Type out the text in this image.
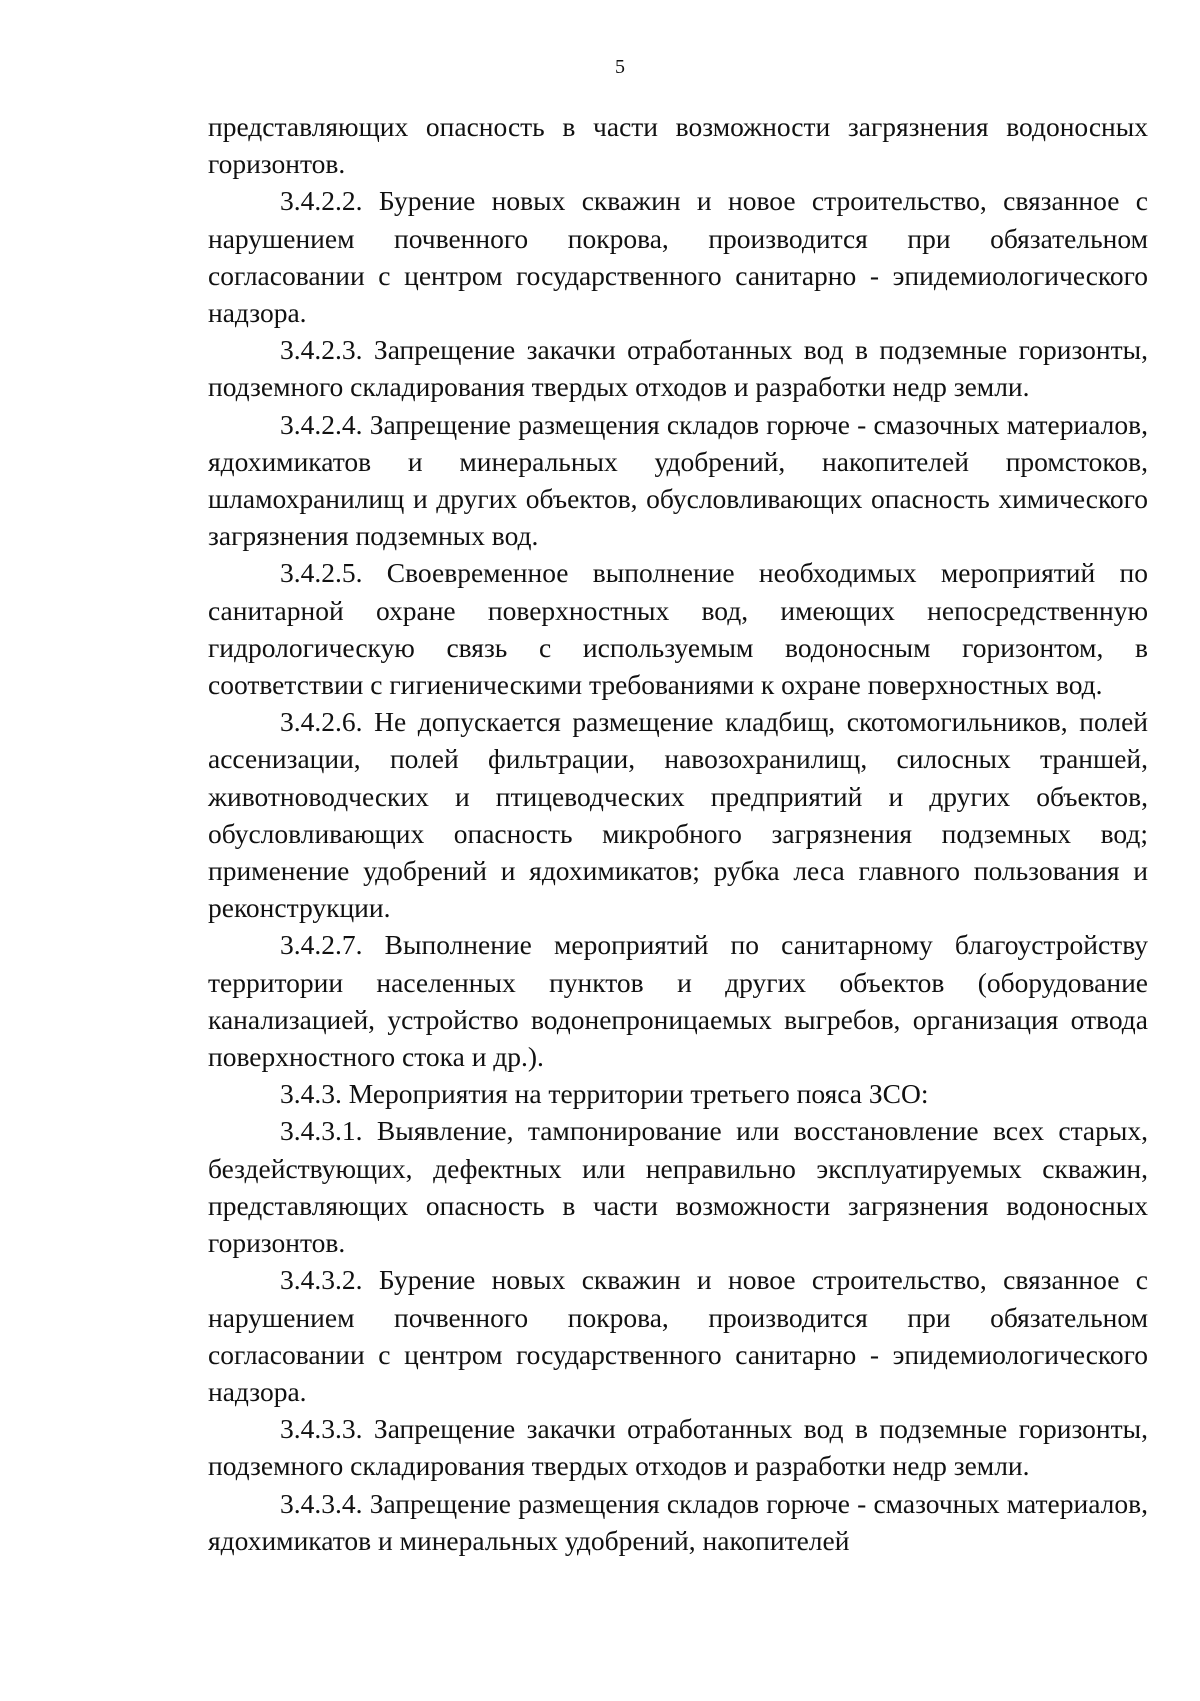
5

представляющих опасность в части возможности загрязнения водоносных горизонтов.

3.4.2.2. Бурение новых скважин и новое строительство, связанное с нарушением почвенного покрова, производится при обязательном согласовании с центром государственного санитарно - эпидемиологического надзора.

3.4.2.3. Запрещение закачки отработанных вод в подземные горизонты, подземного складирования твердых отходов и разработки недр земли.

3.4.2.4. Запрещение размещения складов горюче - смазочных материалов, ядохимикатов и минеральных удобрений, накопителей промстоков, шламохранилищ и других объектов, обусловливающих опасность химического загрязнения подземных вод.

3.4.2.5. Своевременное выполнение необходимых мероприятий по санитарной охране поверхностных вод, имеющих непосредственную гидрологическую связь с используемым водоносным горизонтом, в соответствии с гигиеническими требованиями к охране поверхностных вод.

3.4.2.6. Не допускается размещение кладбищ, скотомогильников, полей ассенизации, полей фильтрации, навозохранилищ, силосных траншей, животноводческих и птицеводческих предприятий и других объектов, обусловливающих опасность микробного загрязнения подземных вод; применение удобрений и ядохимикатов; рубка леса главного пользования и реконструкции.

3.4.2.7. Выполнение мероприятий по санитарному благоустройству территории населенных пунктов и других объектов (оборудование канализацией, устройство водонепроницаемых выгребов, организация отвода поверхностного стока и др.).

3.4.3. Мероприятия на территории третьего пояса ЗСО:

3.4.3.1. Выявление, тампонирование или восстановление всех старых, бездействующих, дефектных или неправильно эксплуатируемых скважин, представляющих опасность в части возможности загрязнения водоносных горизонтов.

3.4.3.2. Бурение новых скважин и новое строительство, связанное с нарушением почвенного покрова, производится при обязательном согласовании с центром государственного санитарно - эпидемиологического надзора.

3.4.3.3. Запрещение закачки отработанных вод в подземные горизонты, подземного складирования твердых отходов и разработки недр земли.

3.4.3.4. Запрещение размещения складов горюче - смазочных материалов, ядохимикатов и минеральных удобрений, накопителей
